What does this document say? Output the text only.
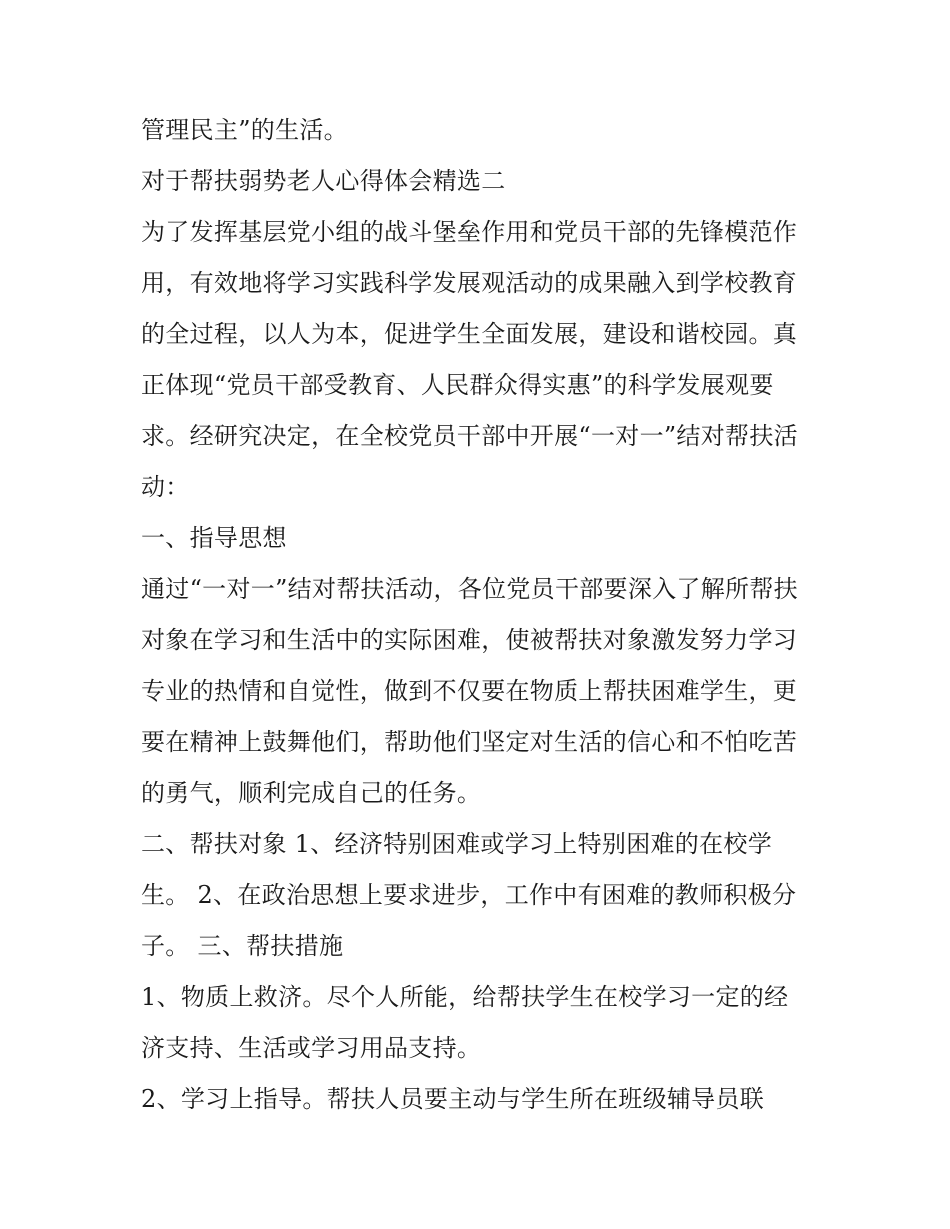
管理民主”的生活。
对于帮扶弱势老人心得体会精选二
为了发挥基层党小组的战斗堡垒作用和党员干部的先锋模范作
用，有效地将学习实践科学发展观活动的成果融入到学校教育
的全过程，以人为本，促进学生全面发展，建设和谐校园。真
正体现“党员干部受教育、人民群众得实惠”的科学发展观要
求。经研究决定，在全校党员干部中开展“一对一”结对帮扶活
动：
一、指导思想
通过“一对一”结对帮扶活动，各位党员干部要深入了解所帮扶
对象在学习和生活中的实际困难，使被帮扶对象激发努力学习
专业的热情和自觉性，做到不仅要在物质上帮扶困难学生，更
要在精神上鼓舞他们，帮助他们坚定对生活的信心和不怕吃苦
的勇气，顺利完成自己的任务。
二、帮扶对象 1、经济特别困难或学习上特别困难的在校学
生。 2、在政治思想上要求进步，工作中有困难的教师积极分
子。 三、帮扶措施
1、物质上救济。尽个人所能，给帮扶学生在校学习一定的经
济支持、生活或学习用品支持。
2、学习上指导。帮扶人员要主动与学生所在班级辅导员联
